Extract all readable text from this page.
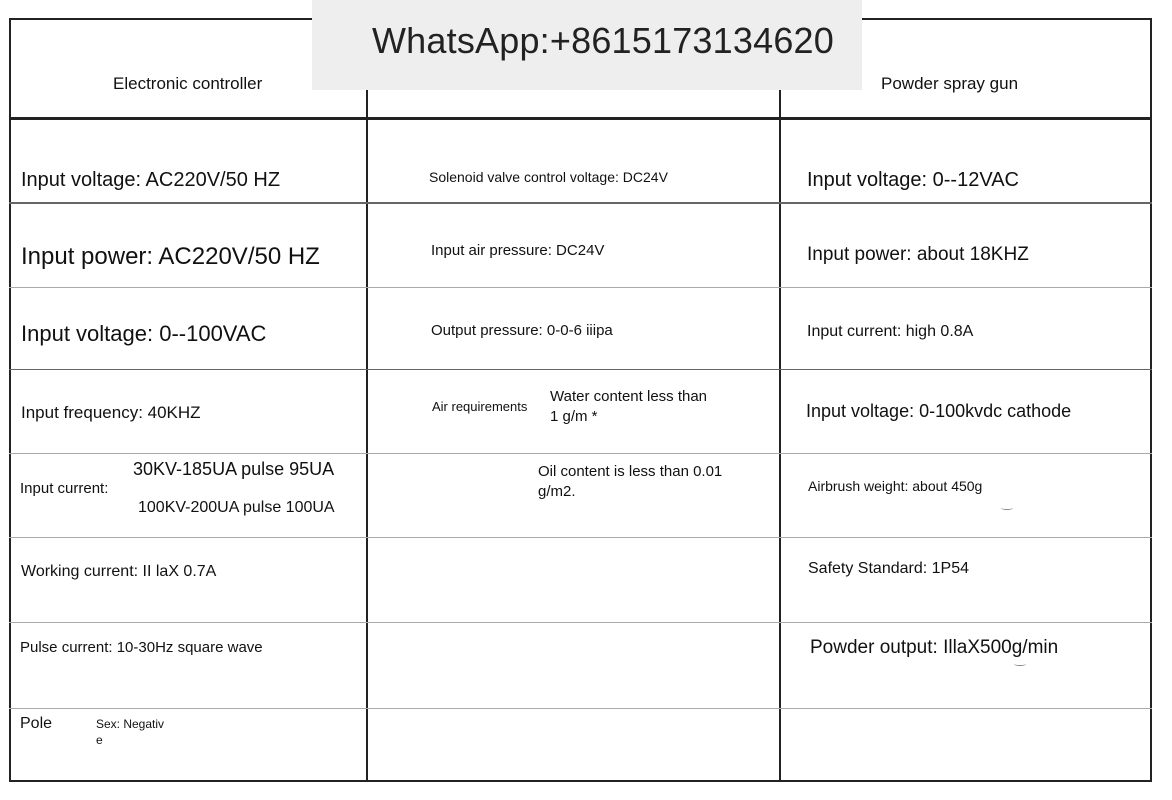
Electronic controller	Powder spray gun
Input voltage: AC220V/50 HZ
Input power: AC220V/50 HZ
Input voltage: 0--100VAC
Input frequency: 40KHZ
Input current:
30KV-185UA pulse 95UA
100KV-200UA pulse 100UA
Working current: II laX 0.7A
Pulse current: 10-30Hz square wave
Pole	Sex: Negative
Solenoid valve control voltage: DC24V
Input air pressure: DC24V
Output pressure: 0-0-6 iiipa
Air requirements
Water content less than 1 g/m *
Oil content is less than 0.01 g/m2.
Input voltage: 0--12VAC
Input power: about 18KHZ
Input current: high 0.8A
Input voltage: 0-100kvdc cathode
Airbrush weight: about 450g
Safety Standard: 1P54
Powder output: IllaX500g/min
WhatsApp:+8615173134620
